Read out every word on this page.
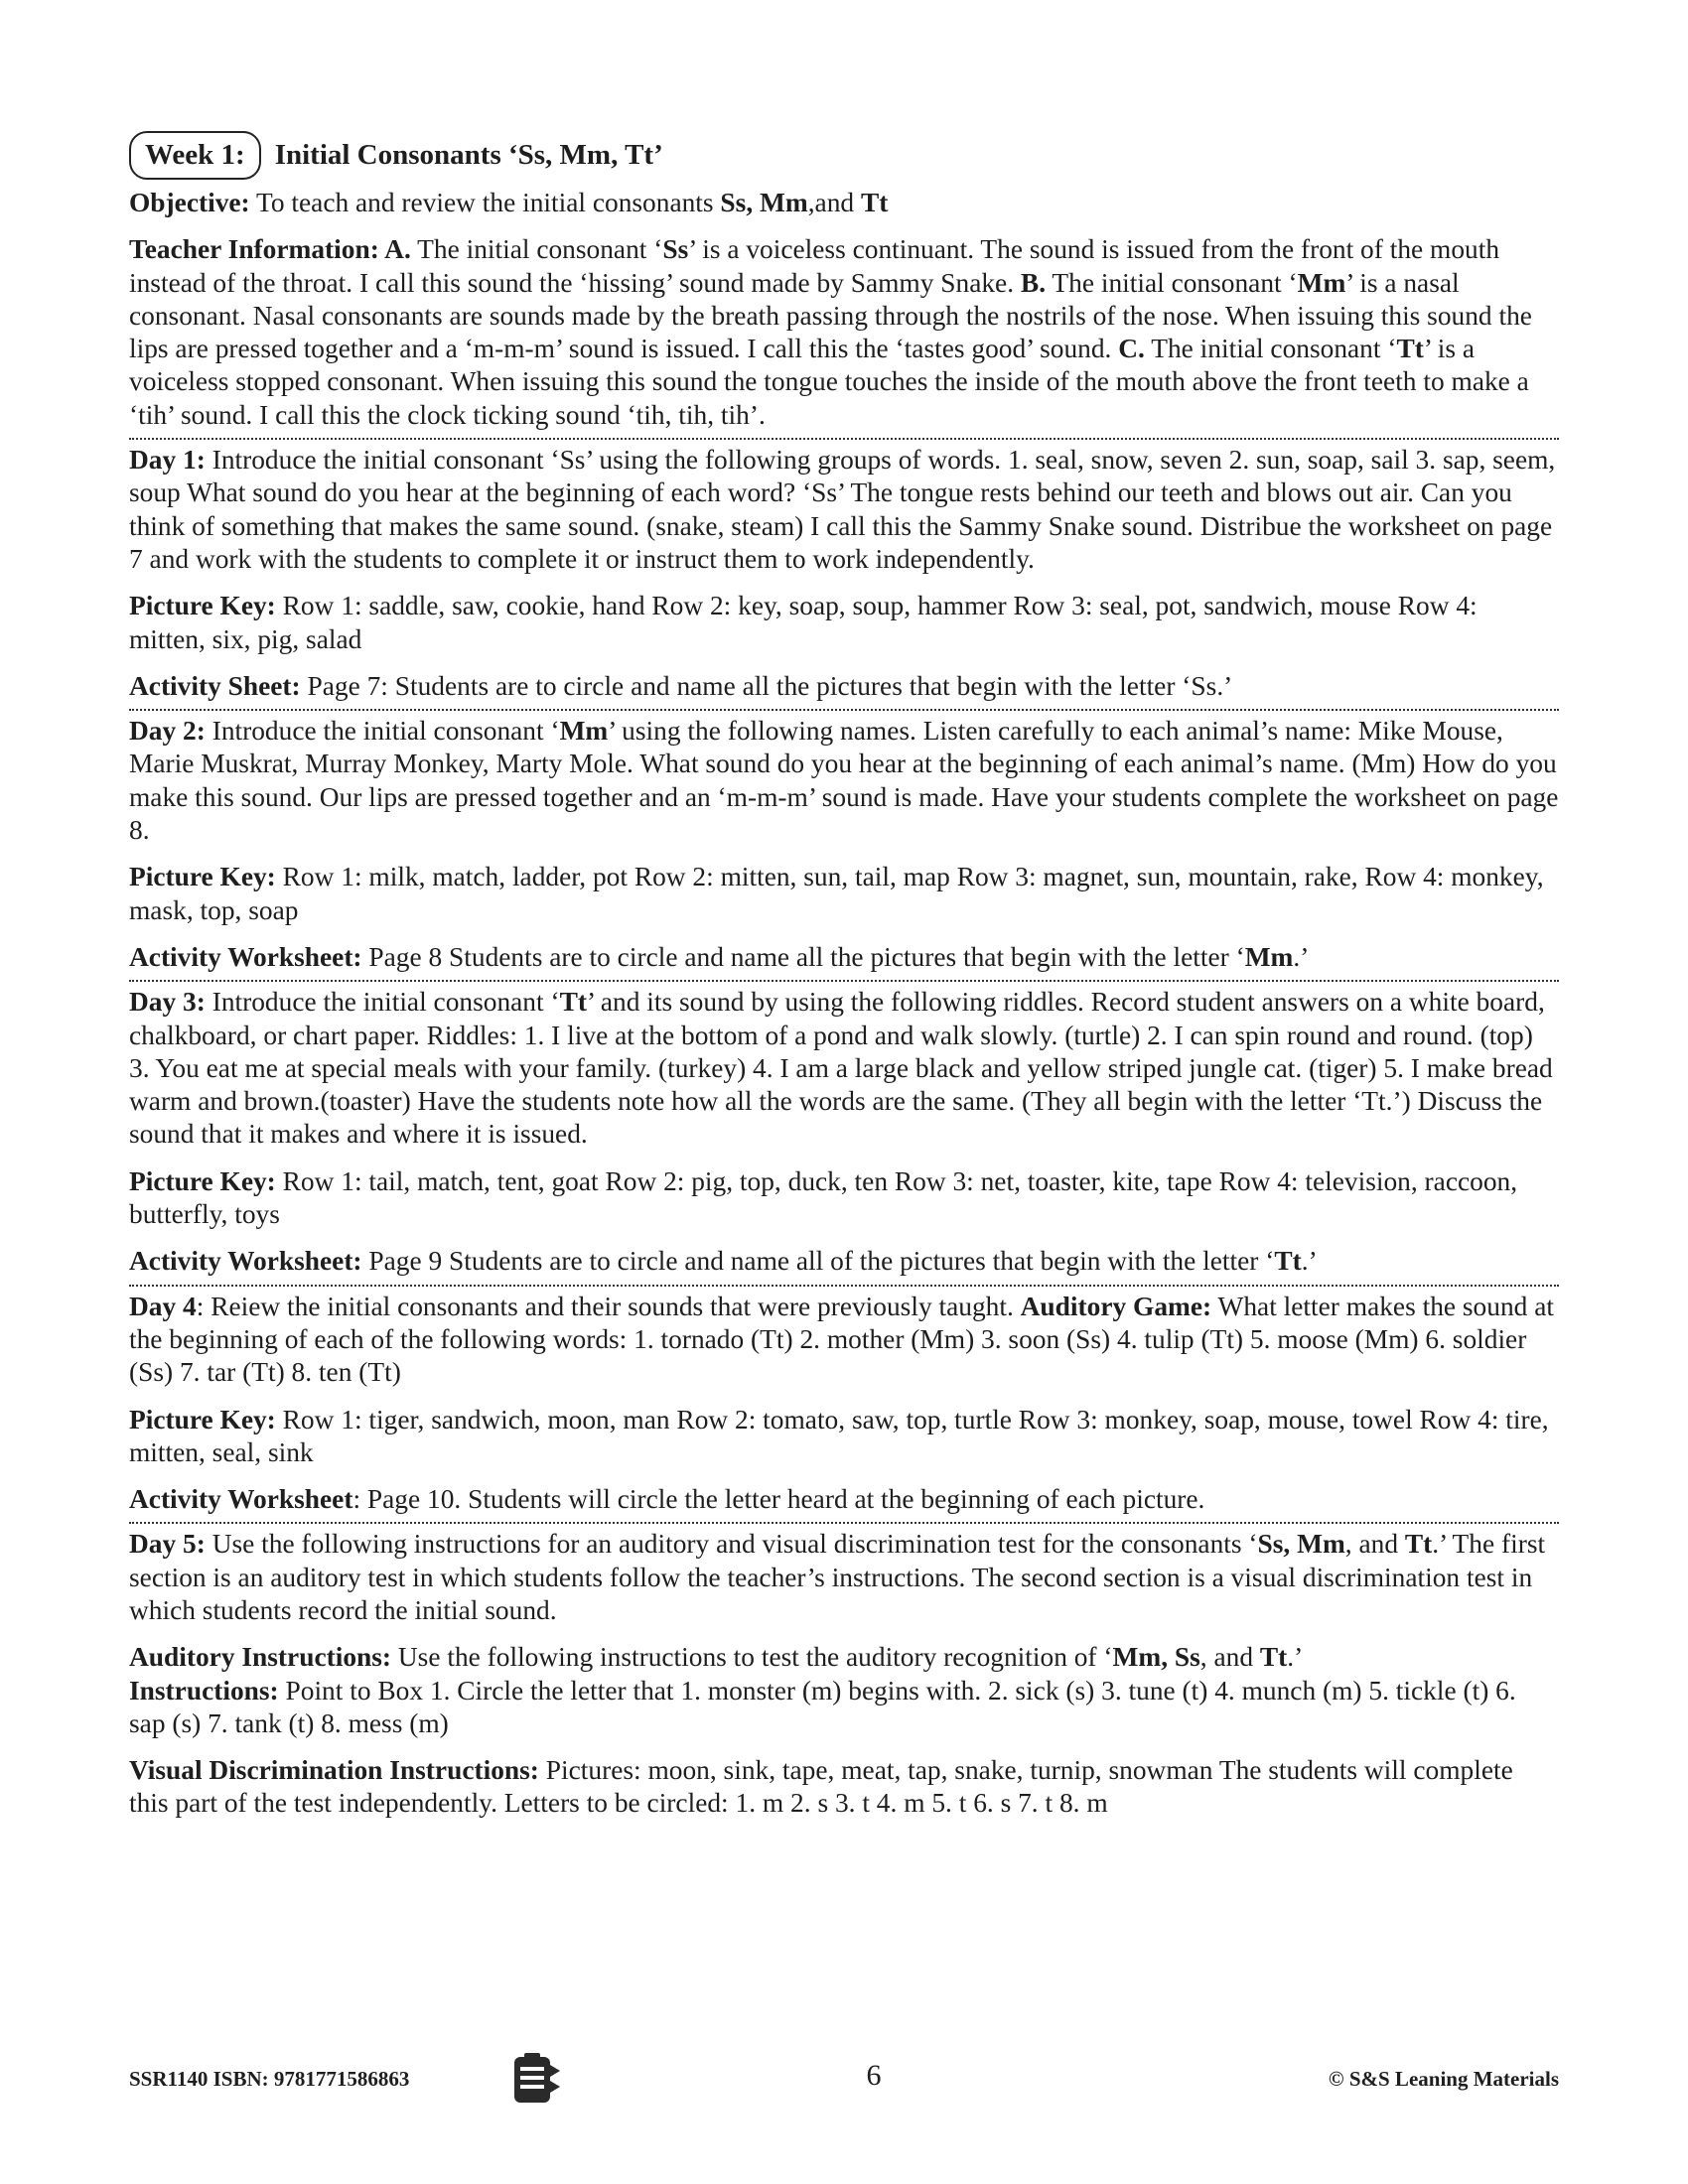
Week 1:	Initial Consonants ‘Ss, Mm, Tt’

Objective: To teach and review the initial consonants Ss, Mm,and Tt

Teacher Information: A. The initial consonant ‘Ss’ is a voiceless continuant. The sound is issued from the front of the mouth instead of the throat. I call this sound the ‘hissing’ sound made by Sammy Snake. B. The initial consonant ‘Mm’ is a nasal consonant. Nasal consonants are sounds made by the breath passing through the nostrils of the nose. When issuing this sound the lips are pressed together and a ‘m-m-m’ sound is issued. I call this the ‘tastes good’ sound. C. The initial consonant ‘Tt’ is a voiceless stopped consonant. When issuing this sound the tongue touches the inside of the mouth above the front teeth to make a ‘tih’ sound. I call this the clock ticking sound ‘tih, tih, tih’.

Day 1: Introduce the initial consonant ‘Ss’ using the following groups of words. 1. seal, snow, seven 2. sun, soap, sail 3. sap, seem, soup What sound do you hear at the beginning of each word? ‘Ss’ The tongue rests behind our teeth and blows out air. Can you think of something that makes the same sound. (snake, steam) I call this the Sammy Snake sound. Distribue the worksheet on page 7 and work with the students to complete it or instruct them to work independently.

Picture Key: Row 1: saddle, saw, cookie, hand Row 2: key, soap, soup, hammer Row 3: seal, pot, sandwich, mouse Row 4: mitten, six, pig, salad

Activity Sheet: Page 7: Students are to circle and name all the pictures that begin with the letter ‘Ss.’

Day 2: Introduce the initial consonant ‘Mm’ using the following names. Listen carefully to each animal’s name: Mike Mouse, Marie Muskrat, Murray Monkey, Marty Mole. What sound do you hear at the beginning of each animal’s name. (Mm) How do you make this sound. Our lips are pressed together and an ‘m-m-m’ sound is made. Have your students complete the worksheet on page 8.

Picture Key: Row 1: milk, match, ladder, pot Row 2: mitten, sun, tail, map Row 3: magnet, sun, mountain, rake, Row 4: monkey, mask, top, soap

Activity Worksheet: Page 8 Students are to circle and name all the pictures that begin with the letter ‘Mm.’

Day 3: Introduce the initial consonant ‘Tt’ and its sound by using the following riddles. Record student answers on a white board, chalkboard, or chart paper. Riddles: 1. I live at the bottom of a pond and walk slowly. (turtle) 2. I can spin round and round. (top) 3. You eat me at special meals with your family. (turkey) 4. I am a large black and yellow striped jungle cat. (tiger) 5. I make bread warm and brown.(toaster) Have the students note how all the words are the same. (They all begin with the letter ‘Tt.’) Discuss the sound that it makes and where it is issued.

Picture Key: Row 1: tail, match, tent, goat Row 2: pig, top, duck, ten Row 3: net, toaster, kite, tape Row 4: television, raccoon, butterfly, toys

Activity Worksheet: Page 9 Students are to circle and name all of the pictures that begin with the letter ‘Tt.’

Day 4: Reiew the initial consonants and their sounds that were previously taught. Auditory Game: What letter makes the sound at the beginning of each of the following words: 1. tornado (Tt) 2. mother (Mm) 3. soon (Ss) 4. tulip (Tt) 5. moose (Mm) 6. soldier (Ss) 7. tar (Tt) 8. ten (Tt)

Picture Key: Row 1: tiger, sandwich, moon, man Row 2: tomato, saw, top, turtle Row 3: monkey, soap, mouse, towel Row 4: tire, mitten, seal, sink

Activity Worksheet: Page 10. Students will circle the letter heard at the beginning of each picture.

Day 5: Use the following instructions for an auditory and visual discrimination test for the consonants ‘Ss, Mm, and Tt.’ The first section is an auditory test in which students follow the teacher’s instructions. The second section is a visual discrimination test in which students record the initial sound.

Auditory Instructions: Use the following instructions to test the auditory recognition of ‘Mm, Ss, and Tt.’
Instructions: Point to Box 1. Circle the letter that 1. monster (m) begins with. 2. sick (s) 3. tune (t) 4. munch (m) 5. tickle (t) 6. sap (s) 7. tank (t) 8. mess (m)

Visual Discrimination Instructions: Pictures: moon, sink, tape, meat, tap, snake, turnip, snowman The students will complete this part of the test independently. Letters to be circled: 1. m 2. s 3. t 4. m 5. t 6. s 7. t 8. m

SSR1140 ISBN: 9781771586863	6	© S&S Leaning Materials
